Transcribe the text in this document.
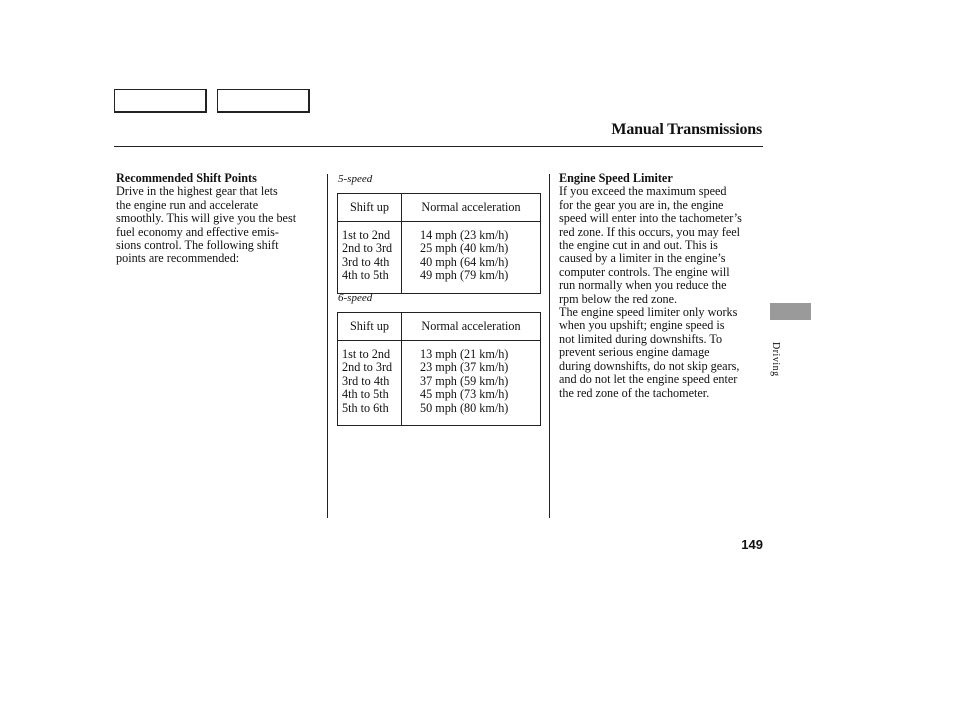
Manual Transmissions
Recommended Shift Points

Drive in the highest gear that lets

the engine run and accelerate

smoothly. This will give you the best

fuel economy and effective emis-

sions control. The following shift

points are recommended:

5-speed
Shift up	Normal acceleration
1st to 2nd
2nd to 3rd
3rd to 4th
4th to 5th
14 mph (23 km/h)
25 mph (40 km/h)
40 mph (64 km/h)
49 mph (79 km/h)
6-speed
Shift up	Normal acceleration
1st to 2nd
2nd to 3rd
3rd to 4th
4th to 5th
5th to 6th
13 mph (21 km/h)
23 mph (37 km/h)
37 mph (59 km/h)
45 mph (73 km/h)
50 mph (80 km/h)
Engine Speed Limiter

If you exceed the maximum speed

for the gear you are in, the engine

speed will enter into the tachometer’s

red zone. If this occurs, you may feel

the engine cut in and out. This is

caused by a limiter in the engine’s

computer controls. The engine will

run normally when you reduce the

rpm below the red zone.

The engine speed limiter only works

when you upshift; engine speed is

not limited during downshifts. To

prevent serious engine damage

during downshifts, do not skip gears,

and do not let the engine speed enter

the red zone of the tachometer.

Driving
149
